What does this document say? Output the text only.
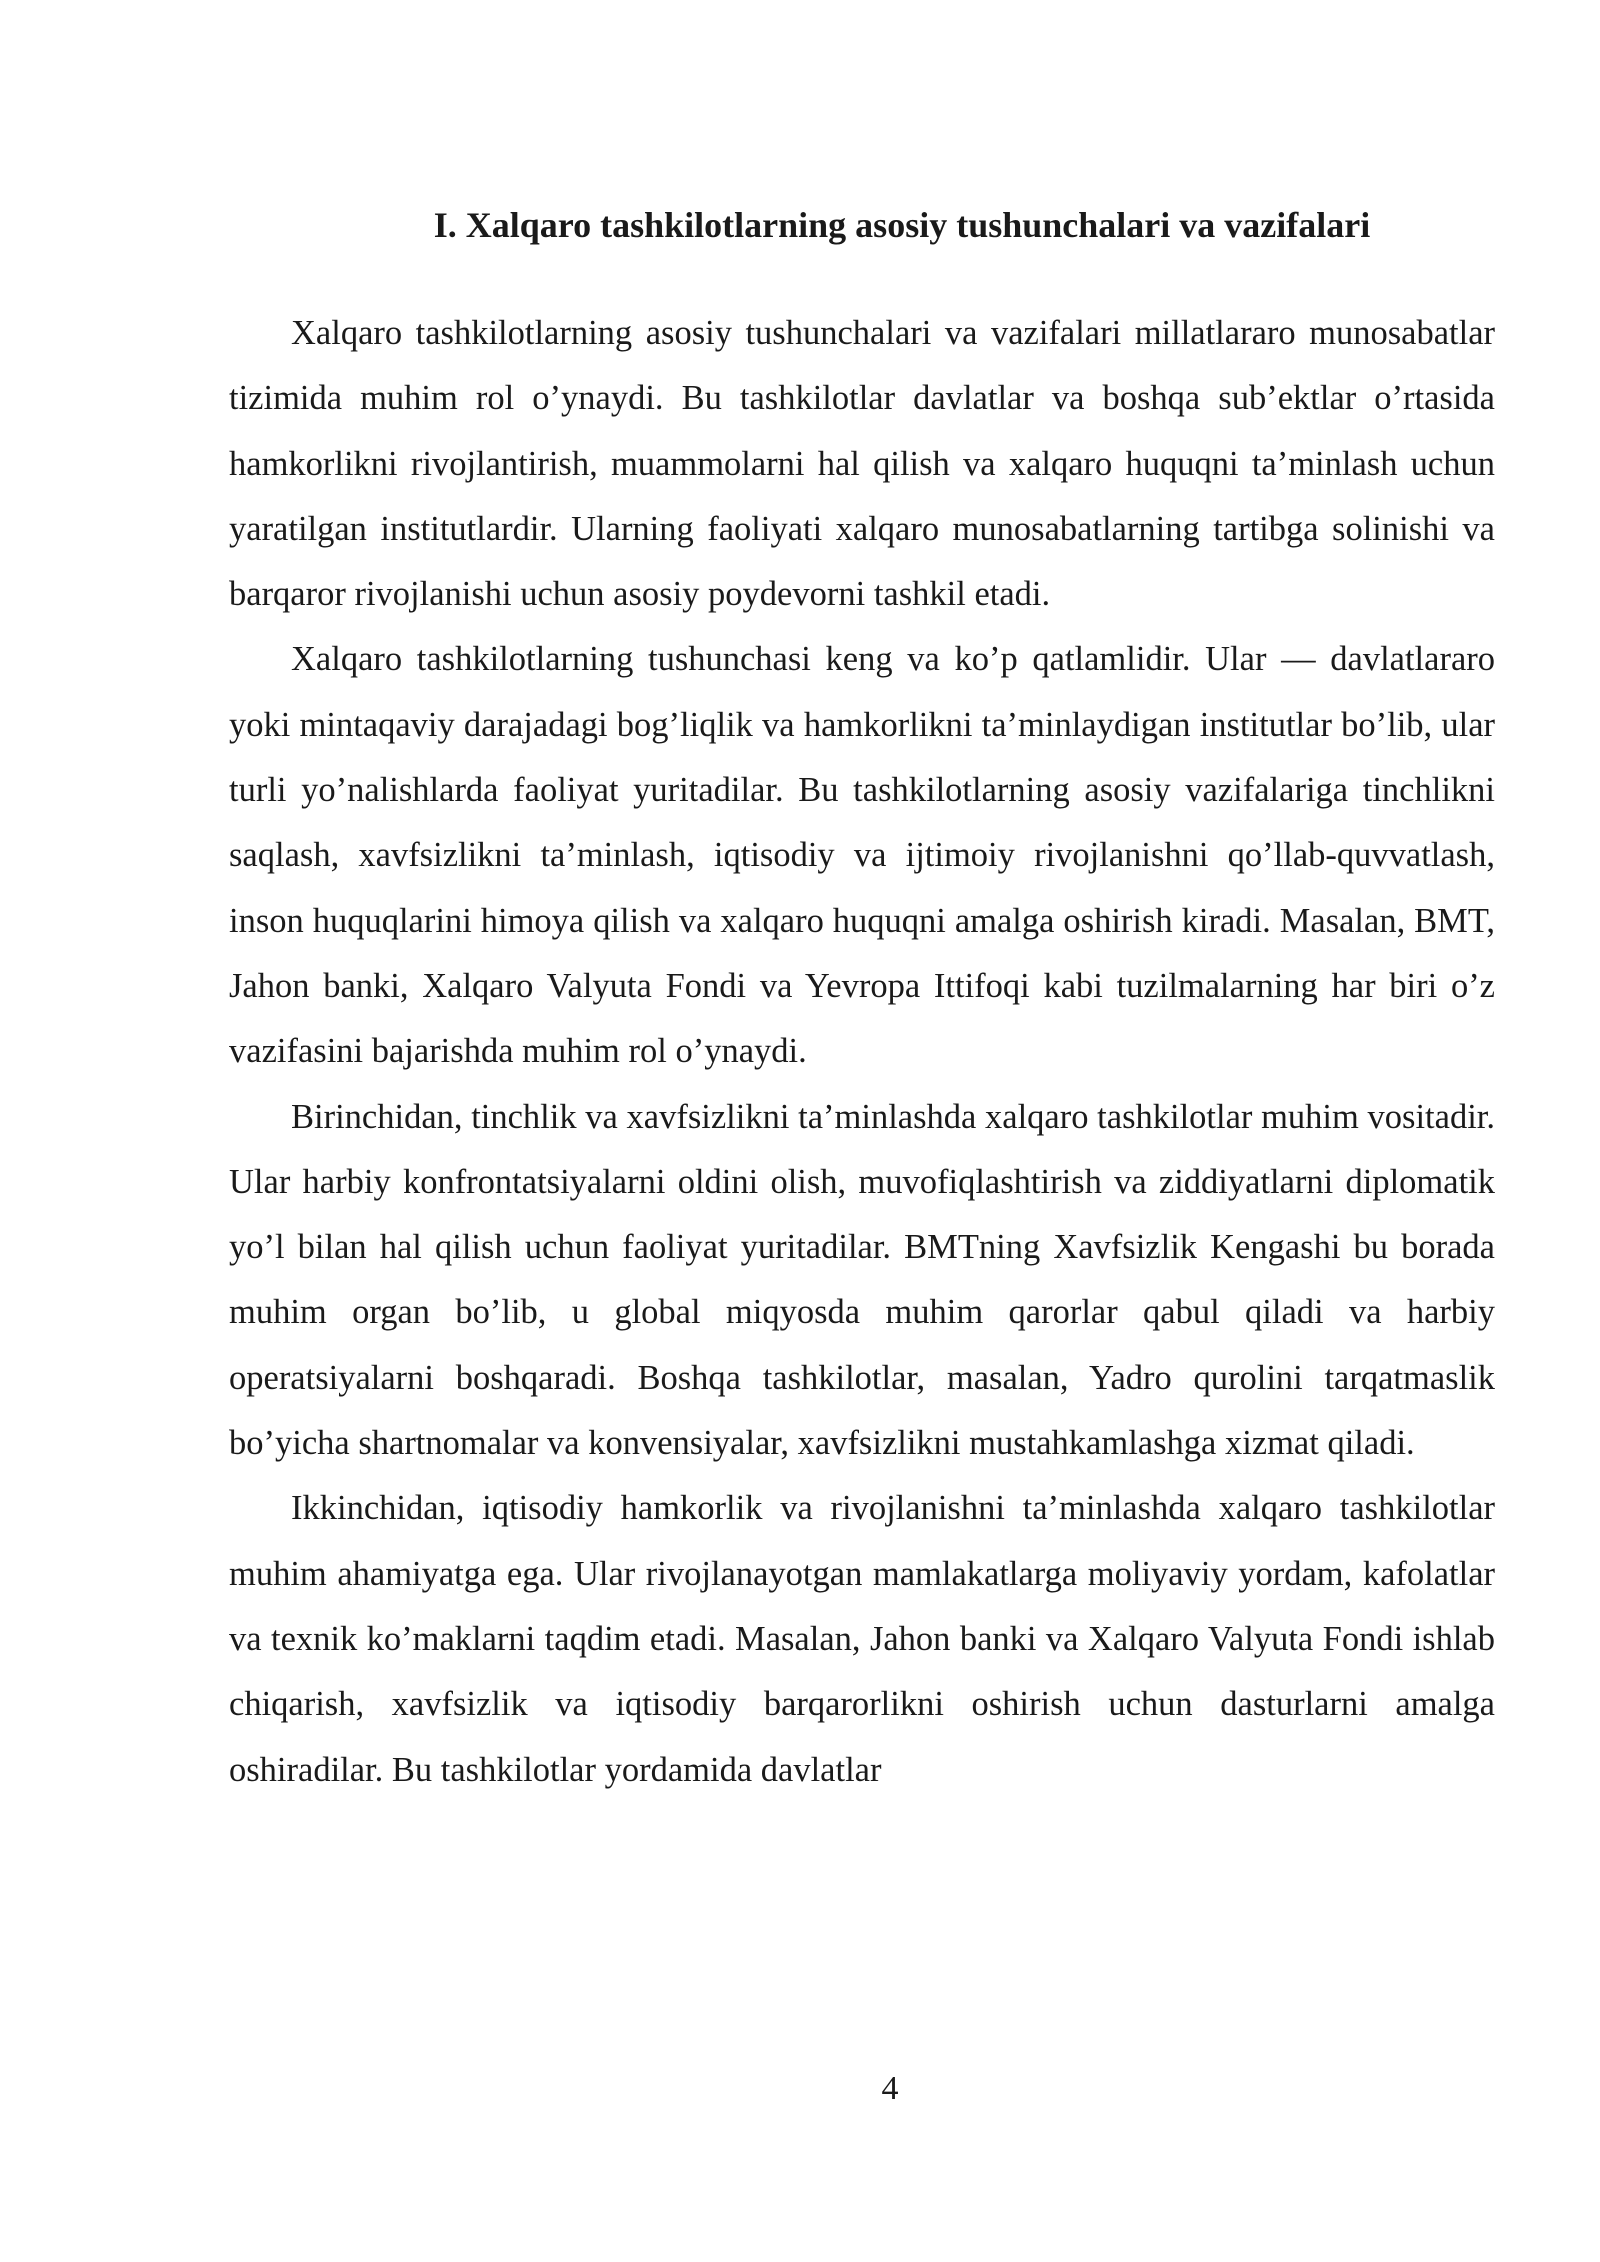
I. Xalqaro tashkilotlarning asosiy tushunchalari va vazifalari

Xalqaro tashkilotlarning asosiy tushunchalari va vazifalari millatlararo munosabatlar tizimida muhim rol o’ynaydi. Bu tashkilotlar davlatlar va boshqa sub’ektlar o’rtasida hamkorlikni rivojlantirish, muammolarni hal qilish va xalqaro huquqni ta’minlash uchun yaratilgan institutlardir. Ularning faoliyati xalqaro munosabatlarning tartibga solinishi va barqaror rivojlanishi uchun asosiy poydevorni tashkil etadi.

Xalqaro tashkilotlarning tushunchasi keng va ko’p qatlamlidir. Ular — davlatlararo yoki mintaqaviy darajadagi bog’liqlik va hamkorlikni ta’minlaydigan institutlar bo’lib, ular turli yo’nalishlarda faoliyat yuritadilar. Bu tashkilotlarning asosiy vazifalariga tinchlikni saqlash, xavfsizlikni ta’minlash, iqtisodiy va ijtimoiy rivojlanishni qo’llab-quvvatlash, inson huquqlarini himoya qilish va xalqaro huquqni amalga oshirish kiradi. Masalan, BMT, Jahon banki, Xalqaro Valyuta Fondi va Yevropa Ittifoqi kabi tuzilmalarning har biri o’z vazifasini bajarishda muhim rol o’ynaydi.

Birinchidan, tinchlik va xavfsizlikni ta’minlashda xalqaro tashkilotlar muhim vositadir. Ular harbiy konfrontatsiyalarni oldini olish, muvofiqlashtirish va ziddiyatlarni diplomatik yo’l bilan hal qilish uchun faoliyat yuritadilar. BMTning Xavfsizlik Kengashi bu borada muhim organ bo’lib, u global miqyosda muhim qarorlar qabul qiladi va harbiy operatsiyalarni boshqaradi. Boshqa tashkilotlar, masalan, Yadro qurolini tarqatmaslik bo’yicha shartnomalar va konvensiyalar, xavfsizlikni mustahkamlashga xizmat qiladi.

Ikkinchidan, iqtisodiy hamkorlik va rivojlanishni ta’minlashda xalqaro tashkilotlar muhim ahamiyatga ega. Ular rivojlanayotgan mamlakatlarga moliyaviy yordam, kafolatlar va texnik ko’maklarni taqdim etadi. Masalan, Jahon banki va Xalqaro Valyuta Fondi ishlab chiqarish, xavfsizlik va iqtisodiy barqarorlikni oshirish uchun dasturlarni amalga oshiradilar. Bu tashkilotlar yordamida davlatlar

4
